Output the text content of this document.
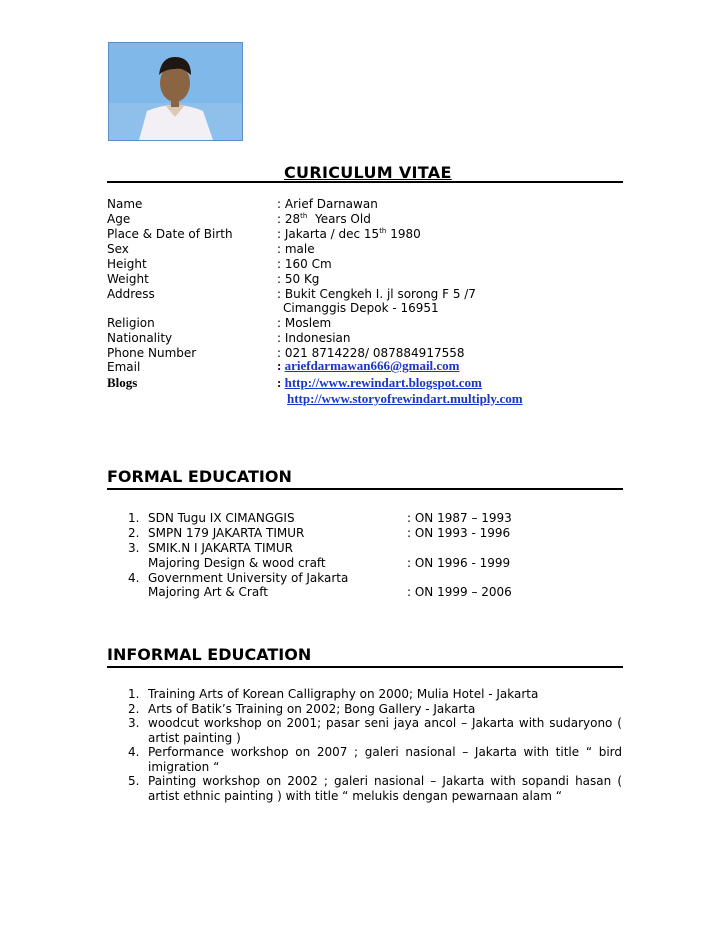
CURICULUM VITAE
Name	: Arief Darnawan
Age	: 28th  Years Old
Place & Date of Birth	: Jakarta / dec 15th 1980
Sex	: male
Height	: 160 Cm
Weight	: 50 Kg
Address	: Bukit Cengkeh I. jl sorong F 5 /7
Cimanggis Depok - 16951
Religion	: Moslem
Nationality	: Indonesian
Phone Number	: 021 8714228/ 087884917558
Email	: ariefdarmawan666@gmail.com
Blogs	: http://www.rewindart.blogspot.com
http://www.storyofrewindart.multiply.com
FORMAL EDUCATION
1. SDN Tugu IX CIMANGGIS	: ON 1987 – 1993
2. SMPN 179 JAKARTA TIMUR	: ON 1993 - 1996
3. SMIK.N I JAKARTA TIMUR
Majoring Design & wood craft	: ON 1996 - 1999
4. Government University of Jakarta
Majoring Art & Craft	: ON 1999 – 2006
INFORMAL EDUCATION
1. Training Arts of Korean Calligraphy on 2000; Mulia Hotel - Jakarta
2. Arts of Batik’s Training on 2002; Bong Gallery - Jakarta
3. woodcut workshop on 2001; pasar seni jaya ancol – Jakarta with sudaryono ( artist painting )
4. Performance workshop on 2007 ; galeri nasional – Jakarta with title “ bird imigration “
5. Painting workshop on 2002 ; galeri nasional – Jakarta with sopandi hasan ( artist ethnic painting ) with title “ melukis dengan pewarnaan alam “
